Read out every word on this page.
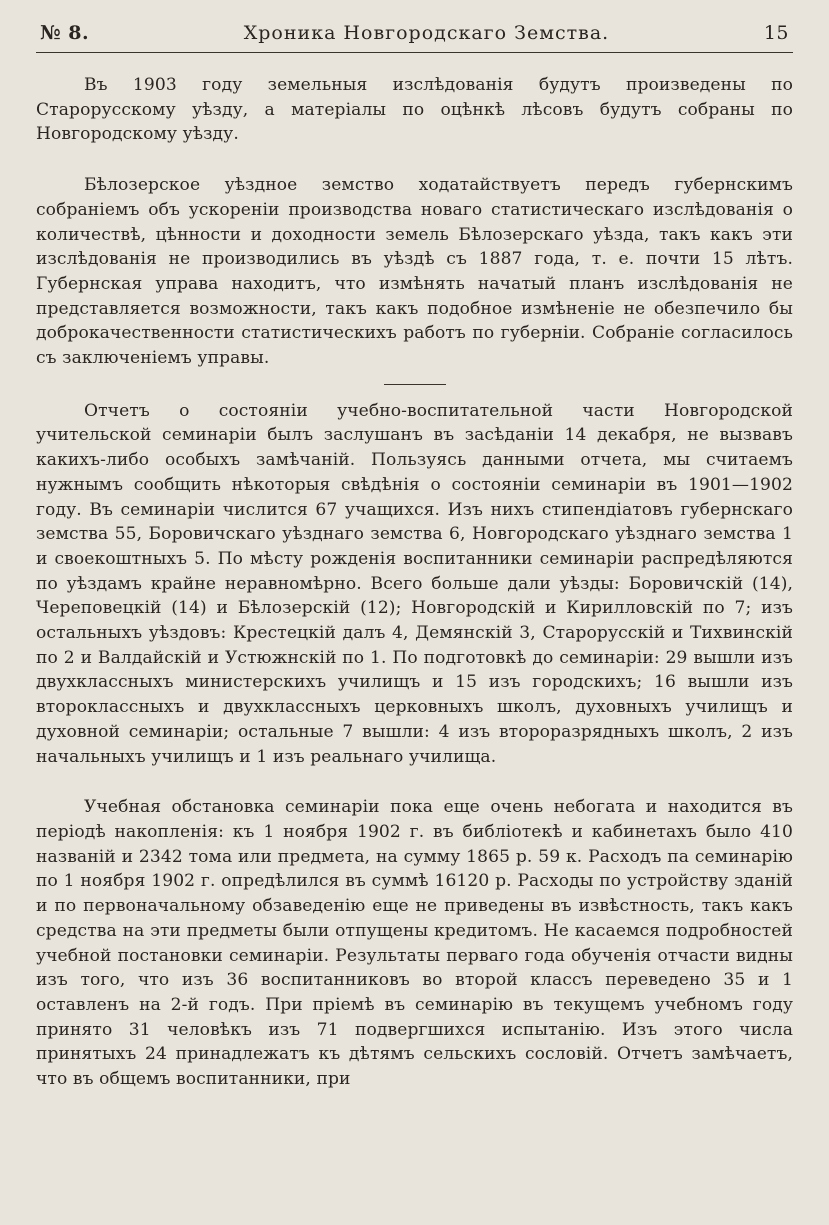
№ 8.	Хроника Новгородскаго Земства.	15

Въ 1903 году земельныя изслѣдованія будутъ произведены по Старорусскому уѣзду, а матеріалы по оцѣнкѣ лѣсовъ будутъ собраны по Новгородскому уѣзду.

Бѣлозерское уѣздное земство ходатайствуетъ передъ губернскимъ собраніемъ объ ускореніи производства новаго статистическаго изслѣдованія о количествѣ, цѣнности и доходности земель Бѣлозерскаго уѣзда, такъ какъ эти изслѣдованія не производились въ уѣздѣ съ 1887 года, т. е. почти 15 лѣтъ. Губернская управа находитъ, что измѣнять начатый планъ изслѣдованія не представляется возможности, такъ какъ подобное измѣненіе не обезпечило бы доброкачественности статистическихъ работъ по губерніи. Собраніе согласилось съ заключеніемъ управы.

Отчетъ о состояніи учебно-воспитательной части Новгородской учительской семинаріи былъ заслушанъ въ засѣданіи 14 декабря, не вызвавъ какихъ-либо особыхъ замѣчаній. Пользуясь данными отчета, мы считаемъ нужнымъ сообщить нѣкоторыя свѣдѣнія о состояніи семинаріи въ 1901—1902 году. Въ семинаріи числится 67 учащихся. Изъ нихъ стипендіатовъ губернскаго земства 55, Боровичскаго уѣзднаго земства 6, Новгородскаго уѣзднаго земства 1 и своекоштныхъ 5. По мѣсту рожденія воспитанники семинаріи распредѣляются по уѣздамъ крайне неравномѣрно. Всего больше дали уѣзды: Боровичскій (14), Череповецкій (14) и Бѣлозерскій (12); Новгородскій и Кирилловскій по 7; изъ остальныхъ уѣздовъ: Крестецкій далъ 4, Демянскій 3, Старорусскій и Тихвинскій по 2 и Валдайскій и Устюжнскій по 1. По подготовкѣ до семинаріи: 29 вышли изъ двухклассныхъ министерскихъ училищъ и 15 изъ городскихъ; 16 вышли изъ второклассныхъ и двухклассныхъ церковныхъ школъ, духовныхъ училищъ и духовной семинаріи; остальные 7 вышли: 4 изъ второразрядныхъ школъ, 2 изъ начальныхъ училищъ и 1 изъ реальнаго училища.

Учебная обстановка семинаріи пока еще очень небогата и находится въ періодѣ накопленія: къ 1 ноября 1902 г. въ библіотекѣ и кабинетахъ было 410 названій и 2342 тома или предмета, на сумму 1865 р. 59 к. Расходъ па семинарію по 1 ноября 1902 г. опредѣлился въ суммѣ 16120 р. Расходы по устройству зданій и по первоначальному обзаведенію еще не приведены въ извѣстность, такъ какъ средства на эти предметы были отпущены кредитомъ. Не касаемся подробностей учебной постановки семинаріи. Результаты перваго года обученія отчасти видны изъ того, что изъ 36 воспитанниковъ во второй классъ переведено 35 и 1 оставленъ на 2-й годъ. При пріемѣ въ семинарію въ текущемъ учебномъ году принято 31 человѣкъ изъ 71 подвергшихся испытанію. Изъ этого числа принятыхъ 24 принадлежатъ къ дѣтямъ сельскихъ сословій. Отчетъ замѣчаетъ, что въ общемъ воспитанники, при
